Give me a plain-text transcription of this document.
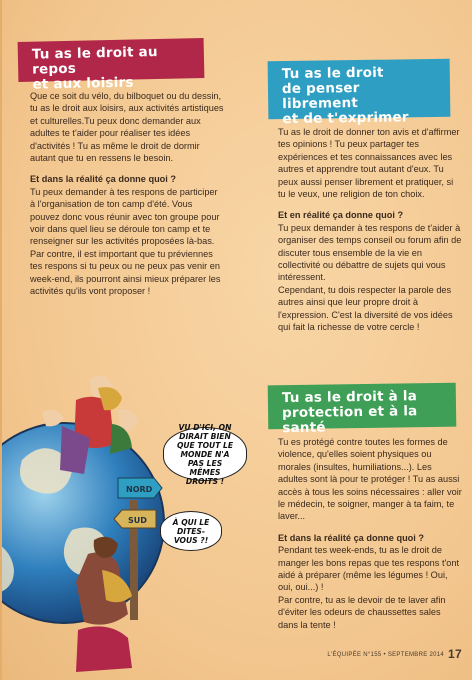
Tu as le droit au repos
et aux loisirs

Que ce soit du vélo, du bilboquet ou du dessin, tu as le droit aux loisirs, aux activités artistiques et culturelles.Tu peux donc demander aux adultes te t'aider pour réaliser tes idées d'activités ! Tu as même le droit de dormir autant que tu en ressens le besoin.

Et dans la réalité ça donne quoi ?

Tu peux demander à tes respons de participer à l'organisation de ton camp d'été. Vous pouvez donc vous réunir avec ton groupe pour voir dans quel lieu se déroule ton camp et te renseigner sur les activités proposées là-bas.

Par contre, il est important que tu préviennes tes respons si tu peux ou ne peux pas venir en week-end, ils pourront ainsi mieux préparer les activités qu'ils vont proposer !

Tu as le droit
de penser librement
et de t'exprimer

Tu as le droit de donner ton avis et d'affirmer tes opinions ! Tu peux partager tes expériences et tes connaissances avec les autres et apprendre tout autant d'eux. Tu peux aussi penser librement et pratiquer, si tu le veux, une religion de ton choix.

Et en réalité ça donne quoi ?

Tu peux demander à tes respons de t'aider à organiser des temps conseil ou forum afin de discuter tous ensemble de la vie en collectivité ou débattre de sujets qui vous intéressent.

Cependant, tu dois respecter la parole des autres ainsi que leur propre droit à l'expression. C'est la diversité de vos idées qui fait la richesse de votre cercle !

Tu as le droit à la
protection et à la santé

Tu es protégé contre toutes les formes de violence, qu'elles soient physiques ou morales (insultes, humiliations...). Les adultes sont là pour te protéger ! Tu as aussi accès à tous les soins nécessaires : aller voir le médecin, te soigner, manger à ta faim, te laver...

Et dans la réalité ça donne quoi ?

Pendant tes week-ends, tu as le droit de manger les bons repas que tes respons t'ont aidé à préparer (même les légumes ! Oui, oui, oui...) !

Par contre, tu as le devoir de te laver afin d'éviter les odeurs de chaussettes sales dans la tente !

NORD
SUD
VU D'ICI, ON DIRAIT BIEN QUE TOUT LE MONDE N'A PAS LES MÊMES DROITS !
À QUI LE DITES-VOUS ?!
L'ÉQUIPÉE N°155 • SEPTEMBRE 2014 17
